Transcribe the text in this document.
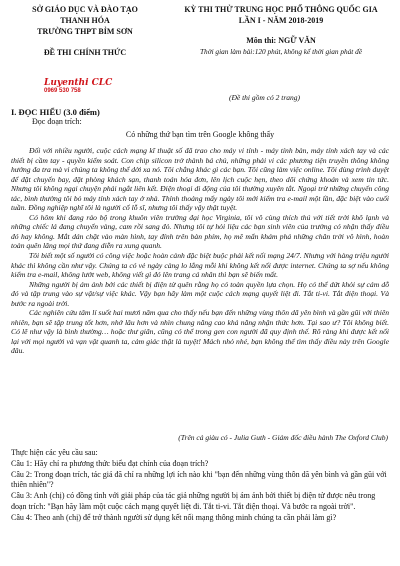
SỞ GIÁO DỤC VÀ ĐÀO TẠO
THANH HÓA
TRƯỜNG THPT BỈM SƠN
ĐỀ THI CHÍNH THỨC
KỲ THI THỬ TRUNG HỌC PHỔ THÔNG QUỐC GIA
LẦN I - NĂM 2018-2019
Môn thi: NGỮ VĂN
Thời gian làm bài:120 phút, không kể thời gian phát đề
Luyenthi CLC
0969 530 758
(Đề thi gồm có 2 trang)
I. ĐỌC HIỂU (3.0 điểm)
Đọc đoạn trích:
Có những thứ bạn tìm trên Google không thấy

Đối với nhiều người, cuộc cách mạng kĩ thuật số đã trao cho máy vi tính - máy tính bàn, máy tính xách tay và các thiết bị cầm tay - quyền kiểm soát. Con chip silicon trở thành bá chủ, những phải vi các phương tiện truyền thông không hướng đa tra mà vi chúng ta không thể dời xa nó. Tôi chẳng khác gì các bạn. Tôi cũng làm việc online. Tôi dùng trình duyệt để đặt chuyến bay, đặt phòng khách sạn, thanh toán hóa đơn, lên lịch cuộc hẹn, theo dõi chứng khoán và xem tin tức. Nhưng tôi không ngại chuyện phải ngắt liên kết. Điện thoại di động của tôi thường xuyên tắt. Ngoại trừ những chuyến công tác, bình thường tôi bỏ máy tính xách tay ở nhà. Thỉnh thoảng mấy ngày tôi mới kiểm tra e-mail một lần, đặc biệt vào cuối tuần. Đồng nghiệp nghĩ tôi là người cổ lỗ sĩ, nhưng tôi thấy vậy thật tuyệt.

Có hôm khi đang rảo bộ trong khuôn viên trường đại học Virginia, tôi vô cùng thích thú với tiết trời khô lạnh và những chiếc lá đang chuyển vàng, cam rồi sang đỏ. Nhưng tôi tự hỏi liệu các bạn sinh viên của trường có nhận thấy điều đó hay không. Mắt dán chặt vào màn hình, tay đính trên bàn phím, họ mê mẩn khám phá những chân trời vô hình, hoàn toàn quên lãng mọi thứ đang diễn ra xung quanh.

Tôi biết một số người có công việc hoặc hoàn cảnh đặc biệt buộc phải kết nối mạng 24/7. Nhưng với hàng triệu người khác thì không cần như vậy. Chúng ta có vẻ ngày càng lo lắng mỗi khi không kết nối được internet. Chúng ta sợ nếu không kiểm tra e-mail, không lướt web, không viết gì đó lên trang cá nhân thì bạn sẽ biến mất.

Những người bị ám ảnh bởi các thiết bị điện tử quên rằng họ có toàn quyền lựa chọn. Họ có thể dứt khỏi sự cám dỗ đó và tập trung vào sự vật/sự việc khác. Vậy bạn hãy làm một cuộc cách mạng quyết liệt đi. Tắt ti-vi. Tắt điện thoại. Và bước ra ngoài trời.

Các nghiên cứu tâm lí suốt hai mươi năm qua cho thấy nếu bạn đến những vùng thôn dã yên bình và gần gũi với thiên nhiên, bạn sẽ tập trung tốt hơn, nhớ lâu hơn và nhìn chung năng cao khả năng nhận thức hơn. Tại sao ư? Tôi không biết. Có lẽ như vậy là bình thường… hoặc thư giãn, cũng có thể trong gen con người đã quy định thế. Rõ ràng khi được kết nối lại với mọi người và vạn vật quanh ta, cảm giác thật là tuyệt! Mách nhỏ nhé, bạn không thể tìm thấy điều này trên Google đâu.

(Trên cả giàu có - Julia Guth - Giám đốc điều hành The Oxford Club)

Thực hiện các yêu cầu sau:

Câu 1: Hãy chỉ ra phương thức biểu đạt chính của đoạn trích?

Câu 2: Trong đoạn trích, tác giả đã chỉ ra những lợi ích nào khi "bạn đến những vùng thôn dã yên bình và gần gũi với thiên nhiên"?

Câu 3: Anh (chị) có đồng tình với giải pháp của tác giả những người bị ám ảnh bởi thiết bị điện tử được nêu trong đoạn trích: "Bạn hãy làm một cuộc cách mạng quyết liệt đi. Tắt ti-vi. Tắt điện thoại. Và bước ra ngoài trời".

Câu 4: Theo anh (chị) để trở thành người sử dụng kết nối mạng thông minh chúng ta cần phải làm gì?
